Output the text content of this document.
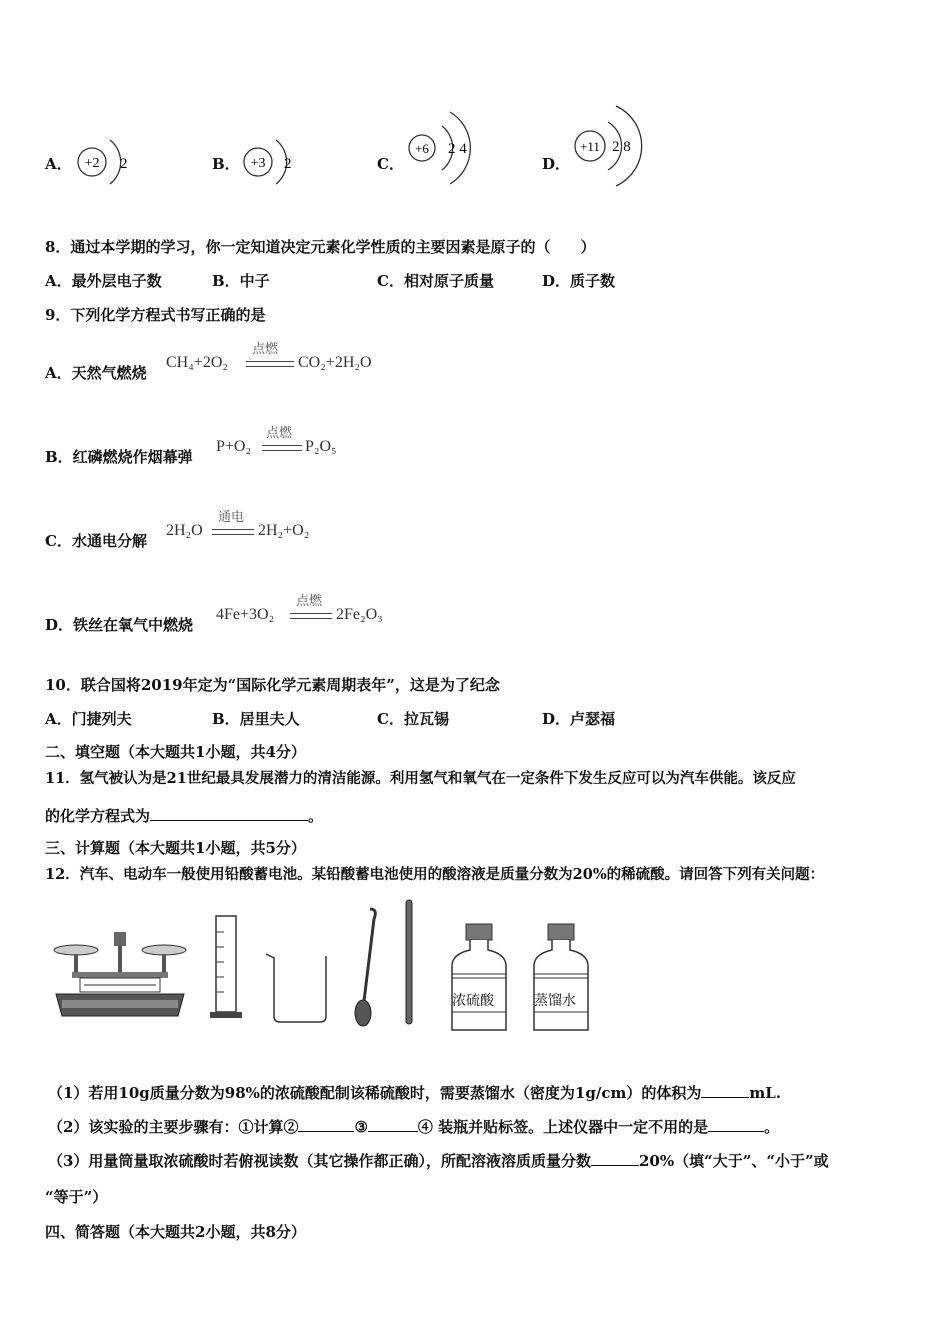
A． +2 2	B． +3 2	C．
+6 2 4
D．
+11 2 8
8．通过本学期的学习，你一定知道决定元素化学性质的主要因素是原子的（　　）
A．最外层电子数	B．中子	C．相对原子质量	D．质子数
9．下列化学方程式书写正确的是
A．天然气燃烧
CH₄+2O₂
点燃
CO₂+2H₂O
B．红磷燃烧作烟幕弹
P+O₂
点燃
P₂O₅
C．水通电分解
2H₂O
通电
2H₂+O₂
D．铁丝在氧气中燃烧
4Fe+3O₂
点燃
2Fe₂O₃
10．联合国将2019年定为“国际化学元素周期表年”，这是为了纪念
A．门捷列夫	B．居里夫人	C．拉瓦锡	D．卢瑟福
二、填空题（本大题共1小题，共4分）
11．氢气被认为是21世纪最具发展潜力的清洁能源。利用氢气和氧气在一定条件下发生反应可以为汽车供能。该反应
的化学方程式为	。
三、计算题（本大题共1小题，共5分）
12．汽车、电动车一般使用铅酸蓄电池。某铅酸蓄电池使用的酸溶液是质量分数为20%的稀硫酸。请回答下列有关问题：
浓硫酸	蒸馏水
（1）若用10g质量分数为98%的浓硫酸配制该稀硫酸时，需要蒸馏水（密度为1g/cm）的体积为	mL.
（2）该实验的主要步骤有：①计算②	③	④ 装瓶并贴标签。上述仪器中一定不用的是	。
（3）用量筒量取浓硫酸时若俯视读数（其它操作都正确），所配溶液溶质质量分数	20%（填“大于”、“小于”或
“等于”）
四、简答题（本大题共2小题，共8分）
